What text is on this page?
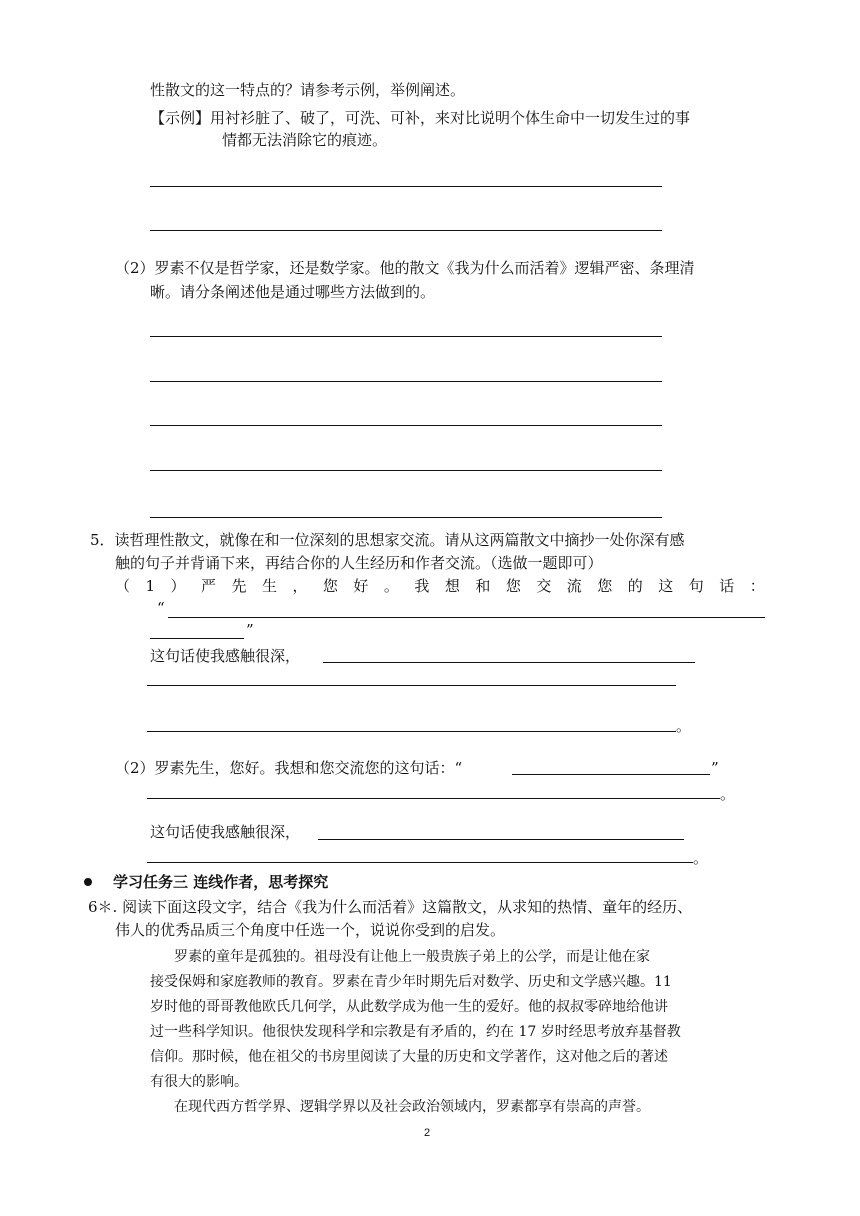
性散文的这一特点的？请参考示例，举例阐述。
【示例】用衬衫脏了、破了，可洗、可补，来对比说明个体生命中一切发生过的事
情都无法消除它的痕迹。
（2）罗素不仅是哲学家，还是数学家。他的散文《我为什么而活着》逻辑严密、条理清
晰。请分条阐述他是通过哪些方法做到的。
5．读哲理性散文，就像在和一位深刻的思想家交流。请从这两篇散文中摘抄一处你深有感
触的句子并背诵下来，再结合你的人生经历和作者交流。（选做一题即可）
（ 1 ） 严 先 生 ， 您 好 。 我 想 和 您 交 流 您 的 这 句 话 ：
“
”
这句话使我感触很深，
。
（2）罗素先生，您好。我想和您交流您的这句话：“	”
。
这句话使我感触很深，
。
学习任务三 连线作者，思考探究
6＊. 阅读下面这段文字，结合《我为什么而活着》这篇散文，从求知的热情、童年的经历、
伟人的优秀品质三个角度中任选一个，说说你受到的启发。
罗素的童年是孤独的。祖母没有让他上一般贵族子弟上的公学，而是让他在家
接受保姆和家庭教师的教育。罗素在青少年时期先后对数学、历史和文学感兴趣。11
岁时他的哥哥教他欧氏几何学，从此数学成为他一生的爱好。他的叔叔零碎地给他讲
过一些科学知识。他很快发现科学和宗教是有矛盾的，约在 17 岁时经思考放弃基督教
信仰。那时候，他在祖父的书房里阅读了大量的历史和文学著作，这对他之后的著述
有很大的影响。
在现代西方哲学界、逻辑学界以及社会政治领域内，罗素都享有崇高的声誉。
2
